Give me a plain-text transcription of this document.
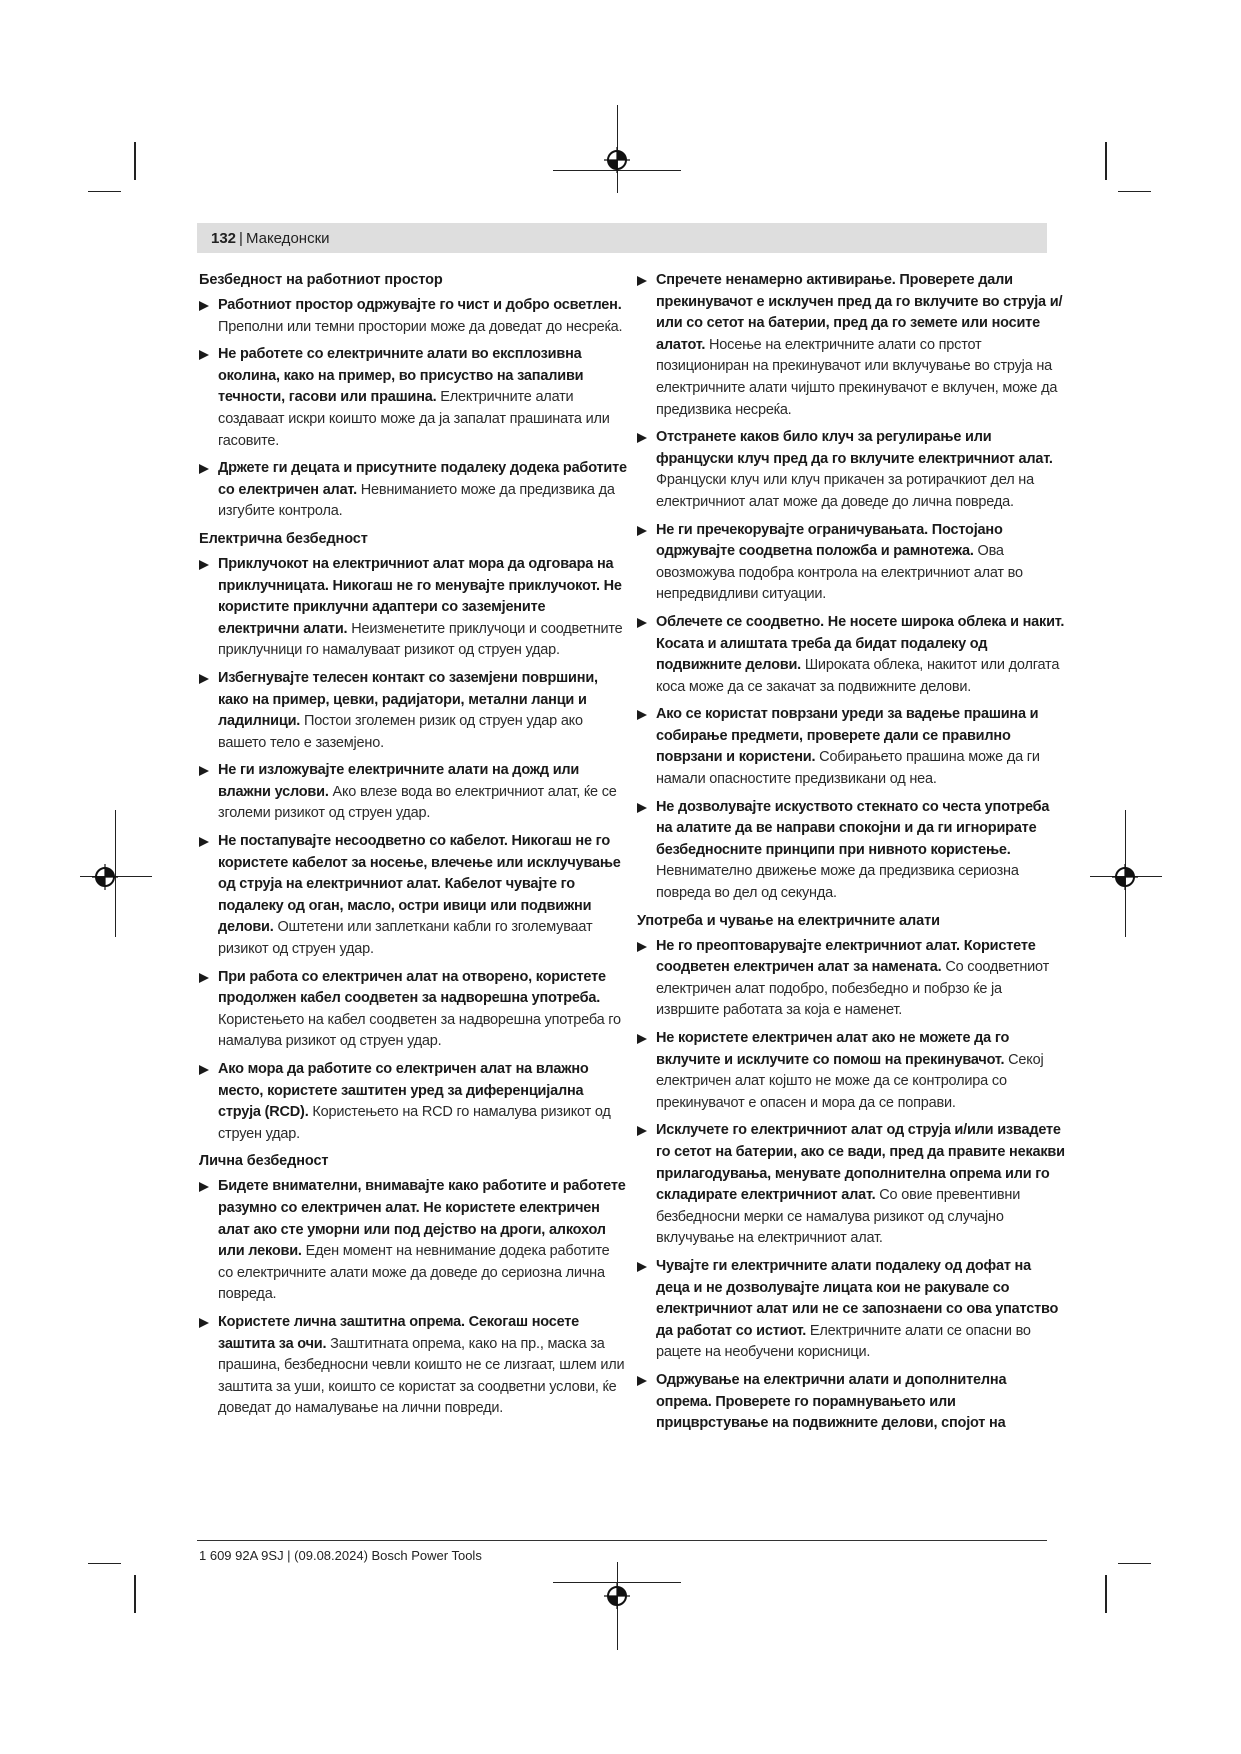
132 | Македонски
Безбедност на работниот простор
Работниот простор одржувајте го чист и добро осветлен. Преполни или темни простории може да доведат до несреќа.
Не работете со електричните алати во експлозивна околина, како на пример, во присуство на запаливи течности, гасови или прашина. Електричните алати создаваат искри коишто може да ја запалат прашината или гасовите.
Држете ги децата и присутните подалеку додека работите со електричен алат. Невниманието може да предизвика да изгубите контрола.
Електрична безбедност
Приклучокот на електричниот алат мора да одговара на приклучницата. Никогаш не го менувајте приклучокот. Не користите приклучни адаптери со заземјените електрични алати. Неизменетите приклучоци и соодветните приклучници го намалуваат ризикот од струен удар.
Избегнувајте телесен контакт со заземјени површини, како на пример, цевки, радијатори, метални ланци и ладилници. Постои зголемен ризик од струен удар ако вашето тело е заземјено.
Не ги изложувајте електричните алати на дожд или влажни услови. Ако влезе вода во електричниот алат, ќе се зголеми ризикот од струен удар.
Не постапувајте несоодветно со кабелот. Никогаш не го користете кабелот за носење, влечење или исклучување од струја на електричниот алат. Кабелот чувајте го подалеку од оган, масло, остри ивици или подвижни делови. Оштетени или заплеткани кабли го зголемуваат ризикот од струен удар.
При работа со електричен алат на отворено, користете продолжен кабел соодветен за надворешна употреба. Користењето на кабел соодветен за надворешна употреба го намалува ризикот од струен удар.
Ако мора да работите со електричен алат на влажно место, користете заштитен уред за диференцијална струја (RCD). Користењето на RCD го намалува ризикот од струен удар.
Лична безбедност
Бидете внимателни, внимавајте како работите и работете разумно со електричен алат. Не користете електричен алат ако сте уморни или под дејство на дроги, алкохол или лекови. Еден момент на невнимание додека работите со електричните алати може да доведе до сериозна лична повреда.
Користете лична заштитна опрема. Секогаш носете заштита за очи. Заштитната опрема, како на пр., маска за прашина, безбедносни чевли коишто не се лизгаат, шлем или заштита за уши, коишто се користат за соодветни услови, ќе доведат до намалување на лични повреди.
Спречете ненамерно активирање. Проверете дали прекинувачот е исклучен пред да го вклучите во струја и/или со сетот на батерии, пред да го земете или носите алатот. Носење на електричните алати со прстот позициониран на прекинувачот или вклучување во струја на електричните алати чијшто прекинувачот е вклучен, може да предизвика несреќа.
Отстранете каков било клуч за регулирање или француски клуч пред да го вклучите електричниот алат. Француски клуч или клуч прикачен за ротирачкиот дел на електричниот алат може да доведе до лична повреда.
Не ги пречекорувајте ограничувањата. Постојано одржувајте соодветна положба и рамнотежа. Ова овозможува подобра контрола на електричниот алат во непредвидливи ситуации.
Облечете се соодветно. Не носете широка облека и накит. Косата и алиштата треба да бидат подалеку од подвижните делови. Широката облека, накитот или долгата коса може да се закачат за подвижните делови.
Ако се користат поврзани уреди за вадење прашина и собирање предмети, проверете дали се правилно поврзани и користени. Собирањето прашина може да ги намали опасностите предизвикани од неа.
Не дозволувајте искуството стекнато со честа употреба на алатите да ве направи спокојни и да ги игнорирате безбедносните принципи при нивното користење. Невнимателно движење може да предизвика сериозна повреда во дел од секунда.
Употреба и чување на електричните алати
Не го преоптоварувајте електричниот алат. Користете соодветен електричен алат за намената. Со соодветниот електричен алат подобро, побезбедно и побрзо ќе ја извршите работата за која е наменет.
Не користете електричен алат ако не можете да го вклучите и исклучите со помош на прекинувачот. Секој електричен алат којшто не може да се контролира со прекинувачот е опасен и мора да се поправи.
Исклучете го електричниот алат од струја и/или извадете го сетот на батерии, ако се вади, пред да правите некакви прилагодувања, менувате дополнителна опрема или го складирате електричниот алат. Со овие превентивни безбедносни мерки се намалува ризикот од случајно вклучување на електричниот алат.
Чувајте ги електричните алати подалеку од дофат на деца и не дозволувајте лицата кои не ракувале со електричниот алат или не се запознаени со ова упатство да работат со истиот. Електричните алати се опасни во рацете на необучени корисници.
Одржување на електрични алати и дополнителна опрема. Проверете го порамнувањето или прицврстување на подвижните делови, спојот на
1 609 92A 9SJ | (09.08.2024) Bosch Power Tools
